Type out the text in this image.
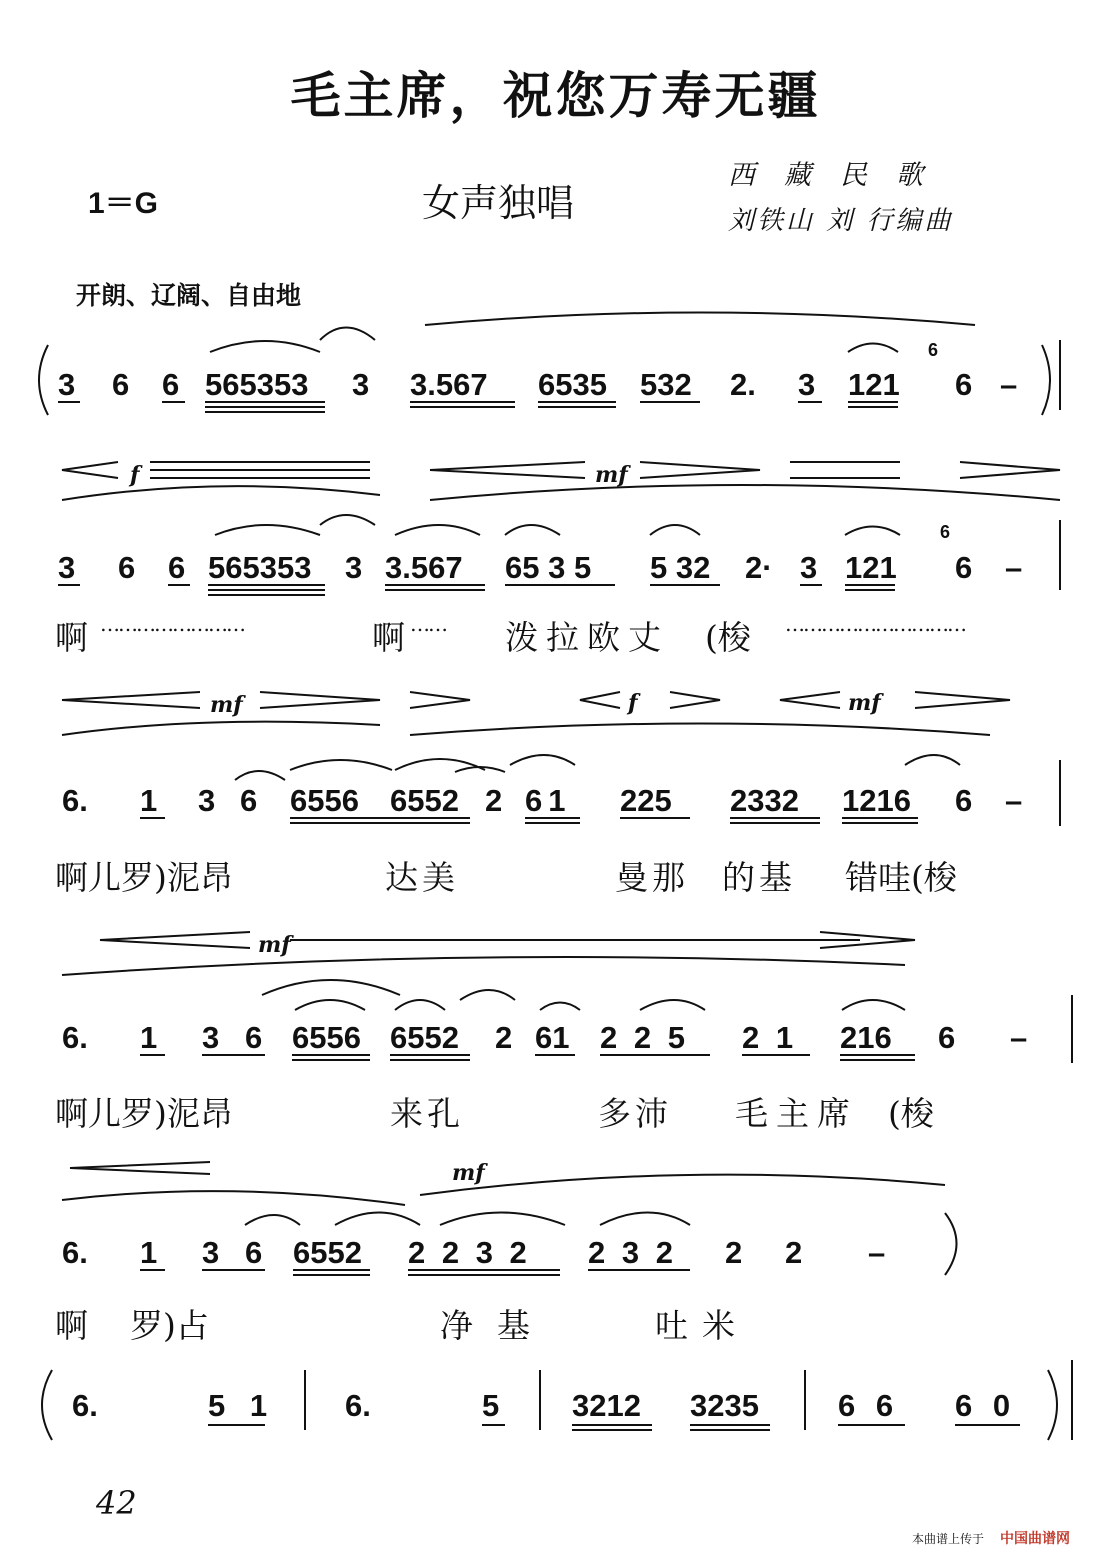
毛主席，祝您万寿无疆
1＝G	女声独唱
西藏民歌
刘铁山 刘 行编曲
开朗、辽阔、自由地
3 6 6 565353 3 3.567 6535 532 2. 3 121
6
6 –
f	mf
3 6 6 565353 3 3.567 65 3 5 5 32 2· 3 121
6
6 –
啊 ……………………	啊 …… 泼拉欧丈 (梭 …………………………
mf	f	mf
6. 1 3 6 6556 6552 2 61 225 2332 1216 6 –
啊儿罗)泥昂	达美	曼那 的基 错哇(梭
mf
6. 1 3 6 6556 6552 2 61 2 2 5 2 1 216 6 –
啊儿罗)泥昂	来孔	多沛 毛主席 (梭
mf
6. 1 3 6 6552 2 2 3 2 2 3 2 2 2 –
啊 罗)占	净基	吐米
6.	5 1 6.	5 3212 3235	6 6 6 0
42
本曲谱上传于 中国曲谱网
